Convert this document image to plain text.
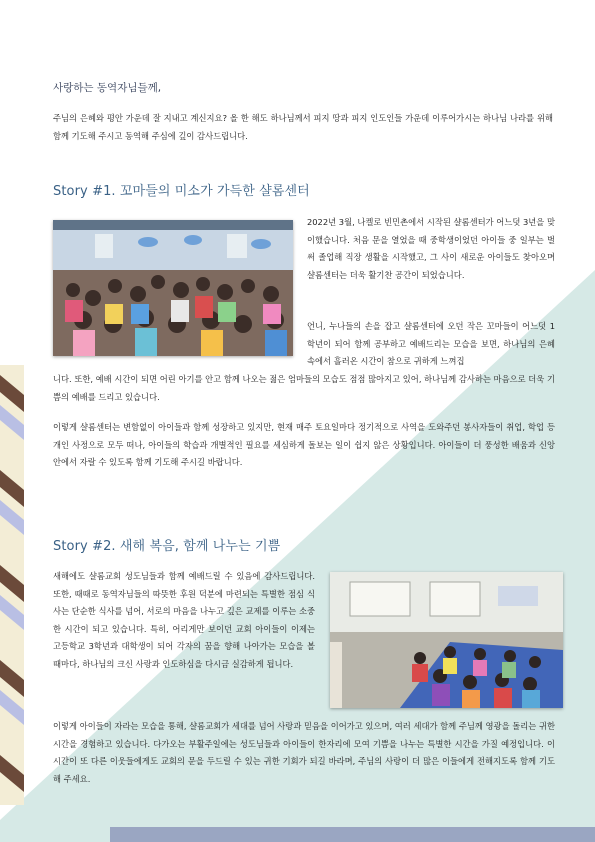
사랑하는 동역자님들께,

주님의 은혜와 평안 가운데 잘 지내고 계신지요? 올 한 해도 하나님께서 피지 땅과 피지 인도인들 가운데 이루어가시는 하나님 나라를 위해 함께 기도해 주시고 동역해 주심에 깊이 감사드립니다.

Story #1. 꼬마들의 미소가 가득한 샬롬센터

2022년 3월, 나켈로 빈민촌에서 시작된 샬롬센터가 어느덧 3년을 맞이했습니다. 처음 문을 열었을 때 중학생이었던 아이들 중 일부는 벌써 졸업해 직장 생활을 시작했고, 그 사이 새로운 아이들도 찾아오며 샬롬센터는 더욱 활기찬 공간이 되었습니다.

언니, 누나들의 손을 잡고 샬롬센터에 오던 작은 꼬마들이 어느덧 1학년이 되어 함께 공부하고 예배드리는 모습을 보면, 하나님의 은혜 속에서 흘러온 시간이 참으로 귀하게 느껴집

니다. 또한, 예배 시간이 되면 어린 아기를 안고 함께 나오는 젊은 엄마들의 모습도 점점 많아지고 있어, 하나님께 감사하는 마음으로 더욱 기쁨의 예배를 드리고 있습니다.

이렇게 샬롬센터는 변함없이 아이들과 함께 성장하고 있지만, 현재 매주 토요일마다 정기적으로 사역을 도와주던 봉사자들이 취업, 학업 등 개인 사정으로 모두 떠나, 아이들의 학습과 개별적인 필요를 세심하게 돌보는 일이 쉽지 않은 상황입니다. 아이들이 더 풍성한 배움과 신앙 안에서 자랄 수 있도록 함께 기도해 주시길 바랍니다.

Story #2. 새해 복음, 함께 나누는 기쁨

새해에도 샬롬교회 성도님들과 함께 예배드릴 수 있음에 감사드립니다. 또한, 때때로 동역자님들의 따뜻한 후원 덕분에 마련되는 특별한 점심 식사는 단순한 식사를 넘어, 서로의 마음을 나누고 깊은 교제를 이루는 소중한 시간이 되고 있습니다. 특히, 어리게만 보이던 교회 아이들이 이제는 고등학교 3학년과 대학생이 되어 각자의 꿈을 향해 나아가는 모습을 볼 때마다, 하나님의 크신 사랑과 인도하심을 다시금 실감하게 됩니다.

이렇게 아이들이 자라는 모습을 통해, 샬롬교회가 세대를 넘어 사랑과 믿음을 이어가고 있으며, 여러 세대가 함께 주님께 영광을 돌리는 귀한 시간을 경험하고 있습니다. 다가오는 부활주일에는 성도님들과 아이들이 한자리에 모여 기쁨을 나누는 특별한 시간을 가질 예정입니다. 이 시간이 또 다른 이웃들에게도 교회의 문을 두드릴 수 있는 귀한 기회가 되길 바라며, 주님의 사랑이 더 많은 이들에게 전해지도록 함께 기도해 주세요.
